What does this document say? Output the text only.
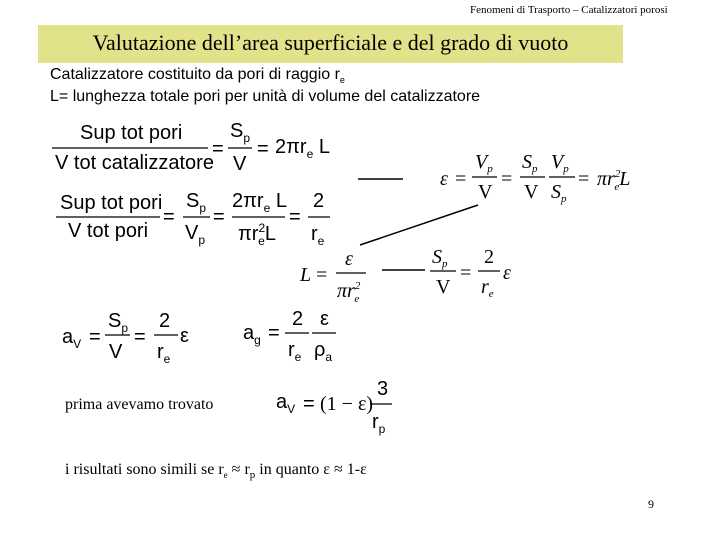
Fenomeni di Trasporto – Catalizzatori porosi
Valutazione dell’area superficiale e del grado di vuoto
Catalizzatore costituito da pori di raggio $r_e$
L= lunghezza totale pori per unità di volume del catalizzatore
Sup tot pori
V tot catalizzatore
$S_p$
V
= = $2\pi r_e$ L
Sup tot pori
V tot pori
=
$S_p$
$V_p$
=
$2\pi r_e$ L
$\pi r^2$ eL
=
2
$r_e$
ε =
$V_p$
V
=
$S_p$
V
$V_p$
$S_p$
= $\pi r^2$ eL
L =
ε
$\pi r^2$ e
$S_p$
V
=
2
$r_e$
ε
$a_V$ =
$S_p$
V
=
2
$r_e$
ε	$a_g$ =
2
$r_e$
ε
$\rho_a$
$a_V = (1 - \varepsilon)$
3
$r_p$
prima avevamo trovato
i risultati sono simili se $r_e \approx r_p$ in quanto ε ≈ 1-ε
9
